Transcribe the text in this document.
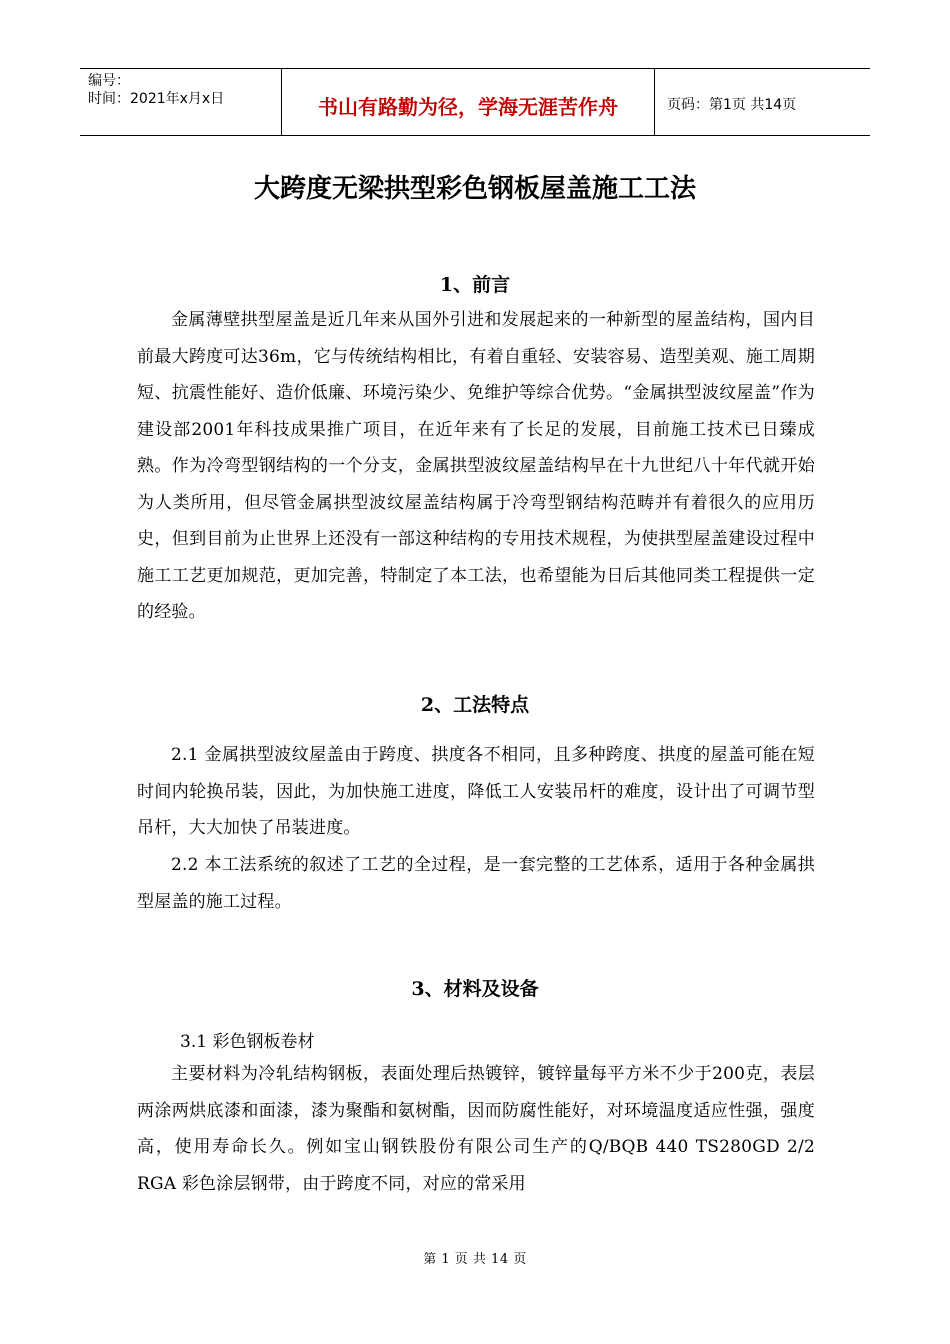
编号：
时间：2021年x月x日	书山有路勤为径，学海无涯苦作舟	页码：第1页 共14页
大跨度无梁拱型彩色钢板屋盖施工工法
1、前言

金属薄壁拱型屋盖是近几年来从国外引进和发展起来的一种新型的屋盖结构，国内目前最大跨度可达36m，它与传统结构相比，有着自重轻、安装容易、造型美观、施工周期短、抗震性能好、造价低廉、环境污染少、免维护等综合优势。“金属拱型波纹屋盖”作为建设部2001年科技成果推广项目，在近年来有了长足的发展，目前施工技术已日臻成熟。作为冷弯型钢结构的一个分支，金属拱型波纹屋盖结构早在十九世纪八十年代就开始为人类所用，但尽管金属拱型波纹屋盖结构属于冷弯型钢结构范畴并有着很久的应用历史，但到目前为止世界上还没有一部这种结构的专用技术规程，为使拱型屋盖建设过程中施工工艺更加规范，更加完善，特制定了本工法，也希望能为日后其他同类工程提供一定的经验。

2、工法特点

2.1 金属拱型波纹屋盖由于跨度、拱度各不相同，且多种跨度、拱度的屋盖可能在短时间内轮换吊装，因此，为加快施工进度，降低工人安装吊杆的难度，设计出了可调节型吊杆，大大加快了吊装进度。

2.2 本工法系统的叙述了工艺的全过程，是一套完整的工艺体系，适用于各种金属拱型屋盖的施工过程。

3、材料及设备

3.1 彩色钢板卷材

主要材料为冷轧结构钢板，表面处理后热镀锌，镀锌量每平方米不少于200克，表层两涂两烘底漆和面漆，漆为聚酯和氨树酯，因而防腐性能好，对环境温度适应性强，强度高，使用寿命长久。例如宝山钢铁股份有限公司生产的Q/BQB 440 TS280GD 2/2 RGA 彩色涂层钢带，由于跨度不同，对应的常采用

第 1 页 共 14 页
